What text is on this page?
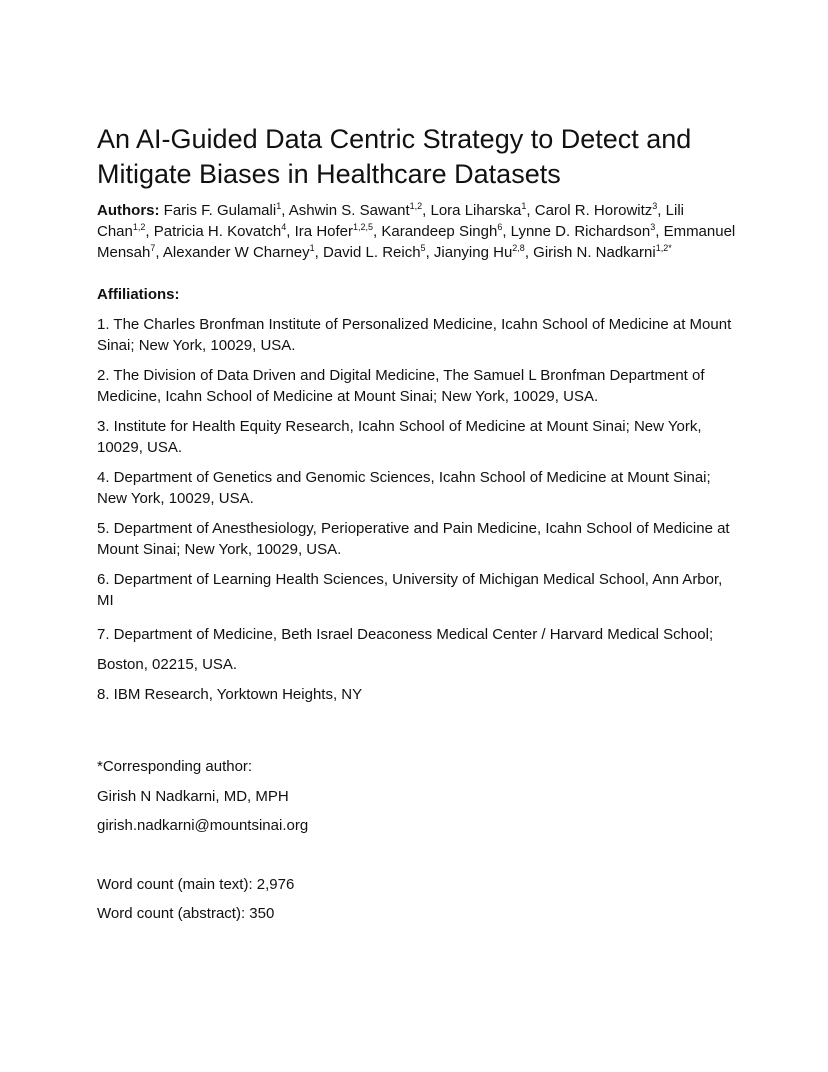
An AI-Guided Data Centric Strategy to Detect and Mitigate Biases in Healthcare Datasets
Authors: Faris F. Gulamali$^1$, Ashwin S. Sawant$^{1,2}$, Lora Liharska$^1$, Carol R. Horowitz$^3$, Lili Chan$^{1,2}$, Patricia H. Kovatch$^4$, Ira Hofer$^{1,2,5}$, Karandeep Singh$^6$, Lynne D. Richardson$^3$, Emmanuel Mensah$^7$, Alexander W Charney$^1$, David L. Reich$^5$, Jianying Hu$^{2,8}$, Girish N. Nadkarni$^{1,2*}$
Affiliations:
1. The Charles Bronfman Institute of Personalized Medicine, Icahn School of Medicine at Mount Sinai; New York, 10029, USA.
2. The Division of Data Driven and Digital Medicine, The Samuel L Bronfman Department of Medicine, Icahn School of Medicine at Mount Sinai; New York, 10029, USA.
3. Institute for Health Equity Research, Icahn School of Medicine at Mount Sinai; New York, 10029, USA.
4. Department of Genetics and Genomic Sciences, Icahn School of Medicine at Mount Sinai; New York, 10029, USA.
5. Department of Anesthesiology, Perioperative and Pain Medicine, Icahn School of Medicine at Mount Sinai; New York, 10029, USA.
6. Department of Learning Health Sciences, University of Michigan Medical School, Ann Arbor, MI
7. Department of Medicine, Beth Israel Deaconess Medical Center / Harvard Medical School; Boston, 02215, USA.
8. IBM Research, Yorktown Heights, NY
*Corresponding author:
Girish N Nadkarni, MD, MPH
girish.nadkarni@mountsinai.org
Word count (main text): 2,976
Word count (abstract): 350
